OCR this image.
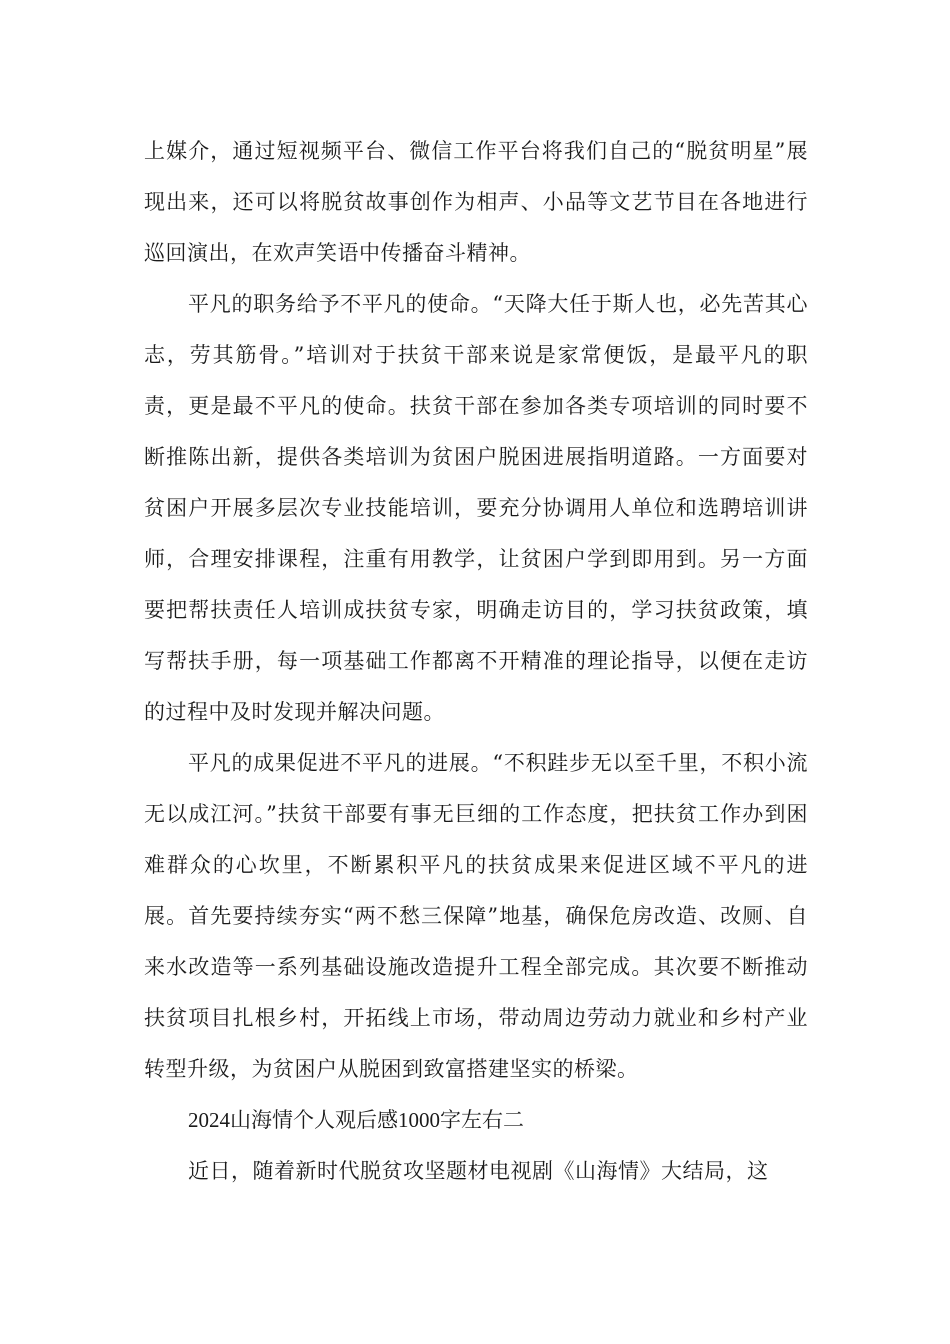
上媒介，通过短视频平台、微信工作平台将我们自己的“脱贫明星”展现出来，还可以将脱贫故事创作为相声、小品等文艺节目在各地进行巡回演出，在欢声笑语中传播奋斗精神。

平凡的职务给予不平凡的使命。“天降大任于斯人也，必先苦其心志，劳其筋骨。”培训对于扶贫干部来说是家常便饭，是最平凡的职责，更是最不平凡的使命。扶贫干部在参加各类专项培训的同时要不断推陈出新，提供各类培训为贫困户脱困进展指明道路。一方面要对贫困户开展多层次专业技能培训，要充分协调用人单位和选聘培训讲师，合理安排课程，注重有用教学，让贫困户学到即用到。另一方面要把帮扶责任人培训成扶贫专家，明确走访目的，学习扶贫政策，填写帮扶手册，每一项基础工作都离不开精准的理论指导，以便在走访的过程中及时发现并解决问题。

平凡的成果促进不平凡的进展。“不积跬步无以至千里，不积小流无以成江河。”扶贫干部要有事无巨细的工作态度，把扶贫工作办到困难群众的心坎里，不断累积平凡的扶贫成果来促进区域不平凡的进展。首先要持续夯实“两不愁三保障”地基，确保危房改造、改厕、自来水改造等一系列基础设施改造提升工程全部完成。其次要不断推动扶贫项目扎根乡村，开拓线上市场，带动周边劳动力就业和乡村产业转型升级，为贫困户从脱困到致富搭建坚实的桥梁。

2024山海情个人观后感1000字左右二

近日，随着新时代脱贫攻坚题材电视剧《山海情》大结局，这
